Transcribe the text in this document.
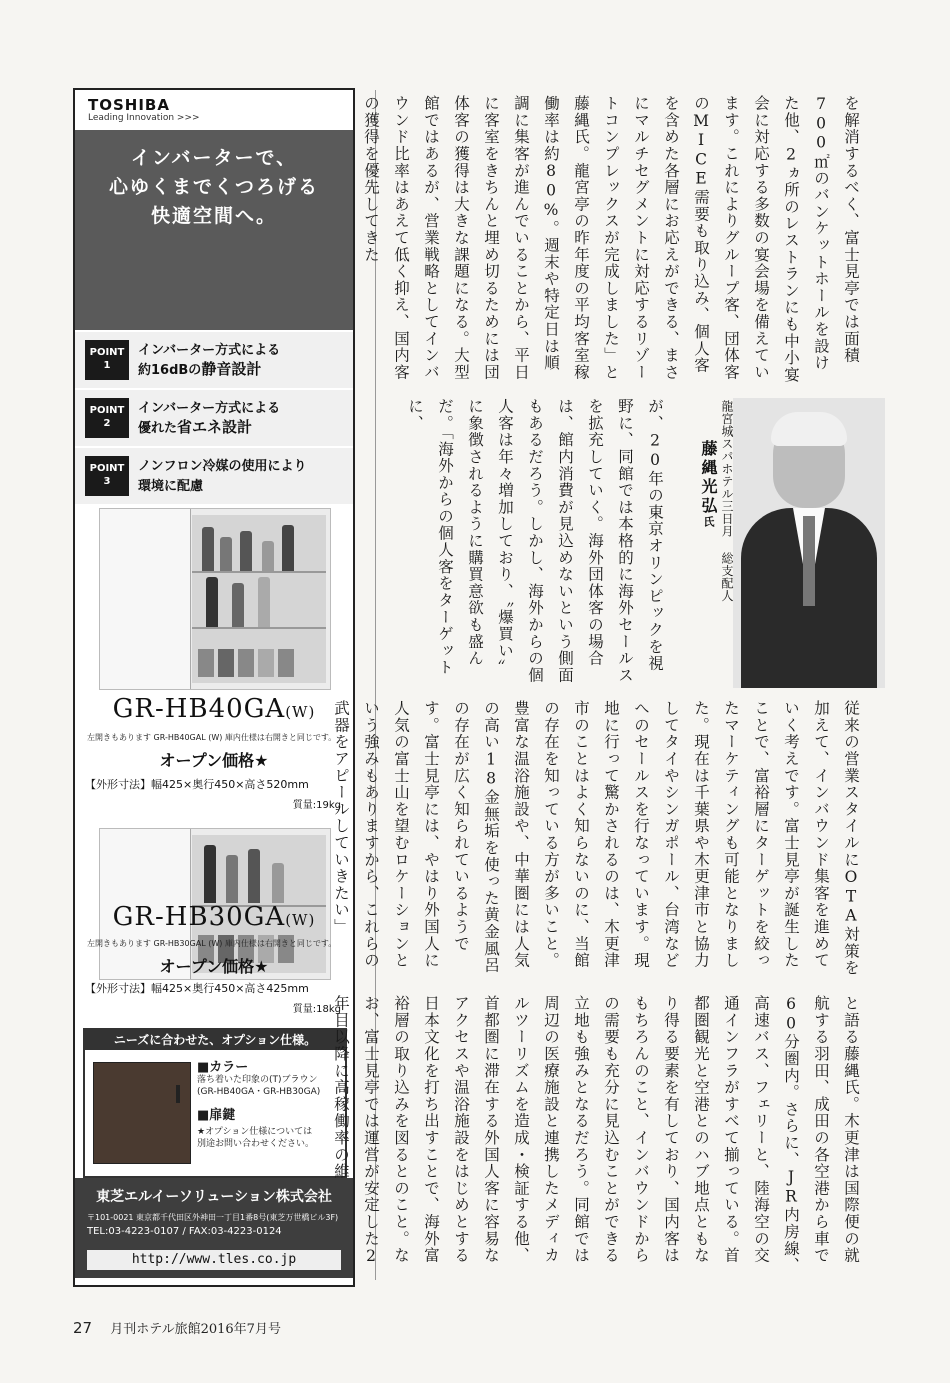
TOSHIBA
Leading Innovation >>>
インバーターで、
心ゆくまでくつろげる
快適空間へ。
POINT
1
インバーター方式による
約16dBの静音設計
POINT
2
インバーター方式による
優れた省エネ設計
POINT
3
ノンフロン冷媒の使用により
環境に配慮
GR-HB40GA(W)
左開きもあります GR-HB40GAL (W) 庫内仕様は右開きと同じです。
オープン価格★
【外形寸法】幅425×奥行450×高さ520mm
質量:19kg
GR-HB30GA(W)
左開きもあります GR-HB30GAL (W) 庫内仕様は右開きと同じです。
オープン価格★
【外形寸法】幅425×奥行450×高さ425mm
質量:18kg
ニーズに合わせた、オプション仕様。
■カラー
落ち着いた印象の(T)ブラウン
(GR-HB40GA・GR-HB30GA)
■扉鍵
★オプション仕様については
別途お問い合わせください。
東芝エルイーソリューション株式会社
〒101-0021 東京都千代田区外神田一丁目1番8号(東芝万世橋ビル3F)
TEL:03-4223-0107 / FAX:03-4223-0124
http://www.tles.co.jp

を解消するべく、富士見亭では面積700㎡のバンケットホールを設けた他、2ヵ所のレストランにも中小宴会に対応する多数の宴会場を備えています。これによりグループ客、団体客のMICE需要も取り込み、個人客を含めた各層にお応えができる、まさにマルチセグメントに対応するリゾートコンプレックスが完成しました」と藤縄氏。龍宮亭の昨年度の平均客室稼働率は約80%。週末や特定日は順調に集客が進んでいることから、平日に客室をきちんと埋め切るためには団体客の獲得は大きな課題になる。大型館ではあるが、営業戦略としてインバウンド比率はあえて低く抑え、国内客の獲得を優先してきた

龍宮城スパホテル三日月 総支配人
藤縄光弘氏

が、20年の東京オリンピックを視野に、同館では本格的に海外セールスを拡充していく。海外団体客の場合は、館内消費が見込めないという側面もあるだろう。しかし、海外からの個人客は年々増加しており、〝爆買い〟に象徴されるように購買意欲も盛んだ。「海外からの個人客をターゲットに、

従来の営業スタイルにOTA対策を加えて、インバウンド集客を進めていく考えです。富士見亭が誕生したことで、富裕層にターゲットを絞ったマーケティングも可能となりました。現在は千葉県や木更津市と協力してタイやシンガポール、台湾などへのセールスを行なっています。現地に行って驚かされるのは、木更津市のことはよく知らないのに、当館の存在を知っている方が多いこと。豊富な温浴施設や、中華圏には人気の高い18金無垢を使った黄金風呂の存在が広く知られているようです。富士見亭には、やはり外国人に人気の富士山を望むロケーションという強みもありますから、これらの武器をアピールしていきたい」

と語る藤縄氏。木更津は国際便の就航する羽田、成田の各空港から車で60分圏内。さらに、JR内房線、高速バス、フェリーと、陸海空の交通インフラがすべて揃っている。首都圏観光と空港とのハブ地点ともなり得る要素を有しており、国内客はもちろんのこと、インバウンドからの需要も充分に見込むことができる立地も強みとなるだろう。同館では周辺の医療施設と連携したメディカルツーリズムを造成・検証する他、首都圏に滞在する外国人客に容易なアクセスや温浴施設をはじめとする日本文化を打ち出すことで、海外富裕層の取り込みを図るとのこと。なお、富士見亭では運営が安定した2年目以降に高稼働率の維

27 月刊ホテル旅館2016年7月号
